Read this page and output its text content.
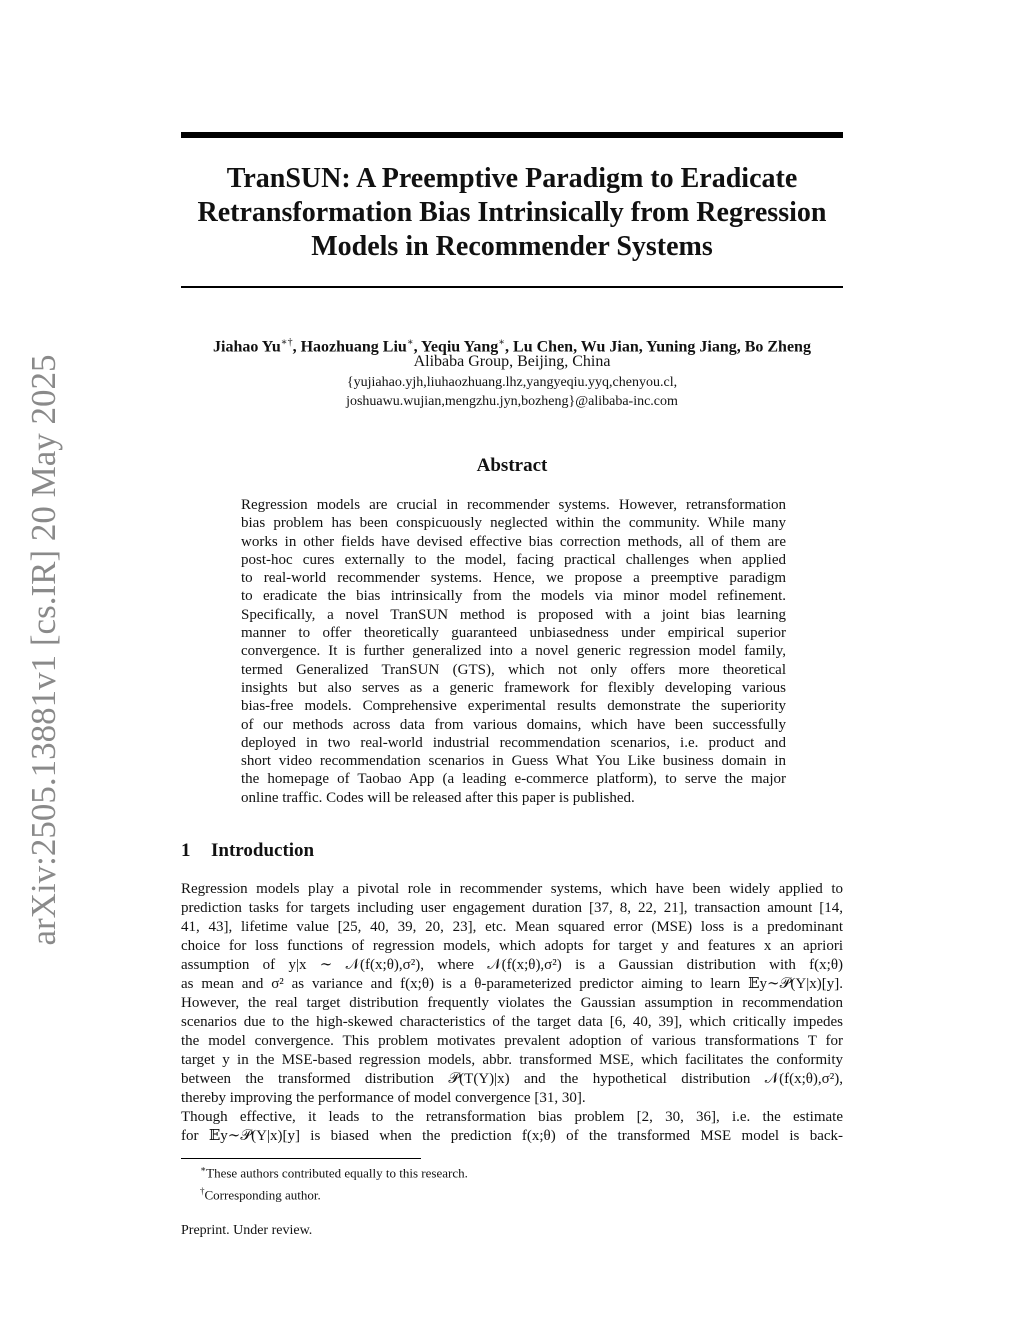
TranSUN: A Preemptive Paradigm to Eradicate
Retransformation Bias Intrinsically from Regression
Models in Recommender Systems
arXiv:2505.13881v1 [cs.IR] 20 May 2025
Jiahao Yu∗†, Haozhuang Liu∗, Yeqiu Yang∗, Lu Chen, Wu Jian, Yuning Jiang, Bo Zheng
Alibaba Group, Beijing, China
{yujiahao.yjh,liuhaozhuang.lhz,yangyeqiu.yyq,chenyou.cl,
joshuawu.wujian,mengzhu.jyn,bozheng}@alibaba-inc.com
Abstract
Regression models are crucial in recommender systems. However, retransformation
bias problem has been conspicuously neglected within the community. While many
works in other fields have devised effective bias correction methods, all of them are
post-hoc cures externally to the model, facing practical challenges when applied
to real-world recommender systems. Hence, we propose a preemptive paradigm
to eradicate the bias intrinsically from the models via minor model refinement.
Specifically, a novel TranSUN method is proposed with a joint bias learning
manner to offer theoretically guaranteed unbiasedness under empirical superior
convergence. It is further generalized into a novel generic regression model family,
termed Generalized TranSUN (GTS), which not only offers more theoretical
insights but also serves as a generic framework for flexibly developing various
bias-free models. Comprehensive experimental results demonstrate the superiority
of our methods across data from various domains, which have been successfully
deployed in two real-world industrial recommendation scenarios, i.e. product and
short video recommendation scenarios in Guess What You Like business domain in
the homepage of Taobao App (a leading e-commerce platform), to serve the major
online traffic. Codes will be released after this paper is published.
1 Introduction
Regression models play a pivotal role in recommender systems, which have been widely applied to
prediction tasks for targets including user engagement duration [37, 8, 22, 21], transaction amount [14,
41, 43], lifetime value [25, 40, 39, 20, 23], etc. Mean squared error (MSE) loss is a predominant
choice for loss functions of regression models, which adopts for target y and features x an apriori
assumption of y|x ∼ 𝒩(f(x;θ),σ²), where 𝒩(f(x;θ),σ²) is a Gaussian distribution with f(x;θ)
as mean and σ² as variance and f(x;θ) is a θ-parameterized predictor aiming to learn 𝔼y∼𝒫(Y|x)[y].
However, the real target distribution frequently violates the Gaussian assumption in recommendation
scenarios due to the high-skewed characteristics of the target data [6, 40, 39], which critically impedes
the model convergence. This problem motivates prevalent adoption of various transformations T for
target y in the MSE-based regression models, abbr. transformed MSE, which facilitates the conformity
between the transformed distribution 𝒫(T(Y)|x) and the hypothetical distribution 𝒩(f(x;θ),σ²),
thereby improving the performance of model convergence [31, 30].
Though effective, it leads to the retransformation bias problem [2, 30, 36], i.e. the estimate
for 𝔼y∼𝒫(Y|x)[y] is biased when the prediction f(x;θ) of the transformed MSE model is back-
∗These authors contributed equally to this research.
†Corresponding author.
Preprint. Under review.
